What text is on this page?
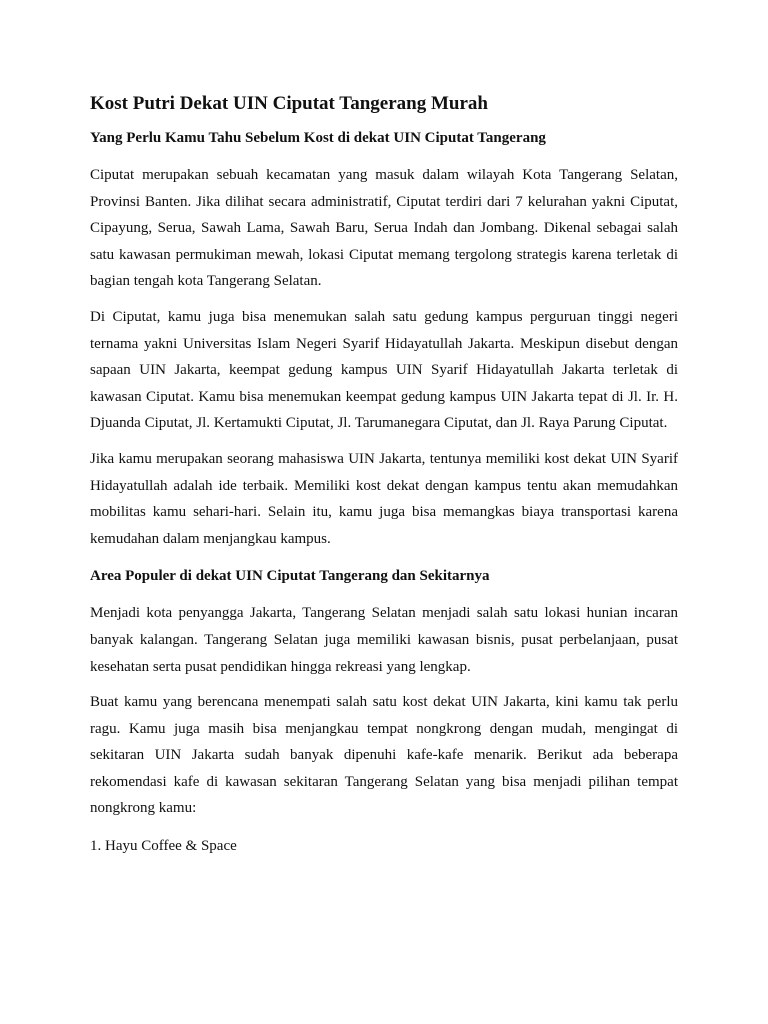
Kost Putri Dekat UIN Ciputat Tangerang Murah
Yang Perlu Kamu Tahu Sebelum Kost di dekat UIN Ciputat Tangerang

Ciputat merupakan sebuah kecamatan yang masuk dalam wilayah Kota Tangerang Selatan, Provinsi Banten. Jika dilihat secara administratif, Ciputat terdiri dari 7 kelurahan yakni Ciputat, Cipayung, Serua, Sawah Lama, Sawah Baru, Serua Indah dan Jombang. Dikenal sebagai salah satu kawasan permukiman mewah, lokasi Ciputat memang tergolong strategis karena terletak di bagian tengah kota Tangerang Selatan.

Di Ciputat, kamu juga bisa menemukan salah satu gedung kampus perguruan tinggi negeri ternama yakni Universitas Islam Negeri Syarif Hidayatullah Jakarta. Meskipun disebut dengan sapaan UIN Jakarta, keempat gedung kampus UIN Syarif Hidayatullah Jakarta terletak di kawasan Ciputat. Kamu bisa menemukan keempat gedung kampus UIN Jakarta tepat di Jl. Ir. H. Djuanda Ciputat, Jl. Kertamukti Ciputat, Jl. Tarumanegara Ciputat, dan Jl. Raya Parung Ciputat.

Jika kamu merupakan seorang mahasiswa UIN Jakarta, tentunya memiliki kost dekat UIN Syarif Hidayatullah adalah ide terbaik. Memiliki kost dekat dengan kampus tentu akan memudahkan mobilitas kamu sehari-hari. Selain itu, kamu juga bisa memangkas biaya transportasi karena kemudahan dalam menjangkau kampus.

Area Populer di dekat UIN Ciputat Tangerang dan Sekitarnya

Menjadi kota penyangga Jakarta, Tangerang Selatan menjadi salah satu lokasi hunian incaran banyak kalangan. Tangerang Selatan juga memiliki kawasan bisnis, pusat perbelanjaan, pusat kesehatan serta pusat pendidikan hingga rekreasi yang lengkap.

Buat kamu yang berencana menempati salah satu kost dekat UIN Jakarta, kini kamu tak perlu ragu. Kamu juga masih bisa menjangkau tempat nongkrong dengan mudah, mengingat di sekitaran UIN Jakarta sudah banyak dipenuhi kafe-kafe menarik. Berikut ada beberapa rekomendasi kafe di kawasan sekitaran Tangerang Selatan yang bisa menjadi pilihan tempat nongkrong kamu:

1. Hayu Coffee & Space
